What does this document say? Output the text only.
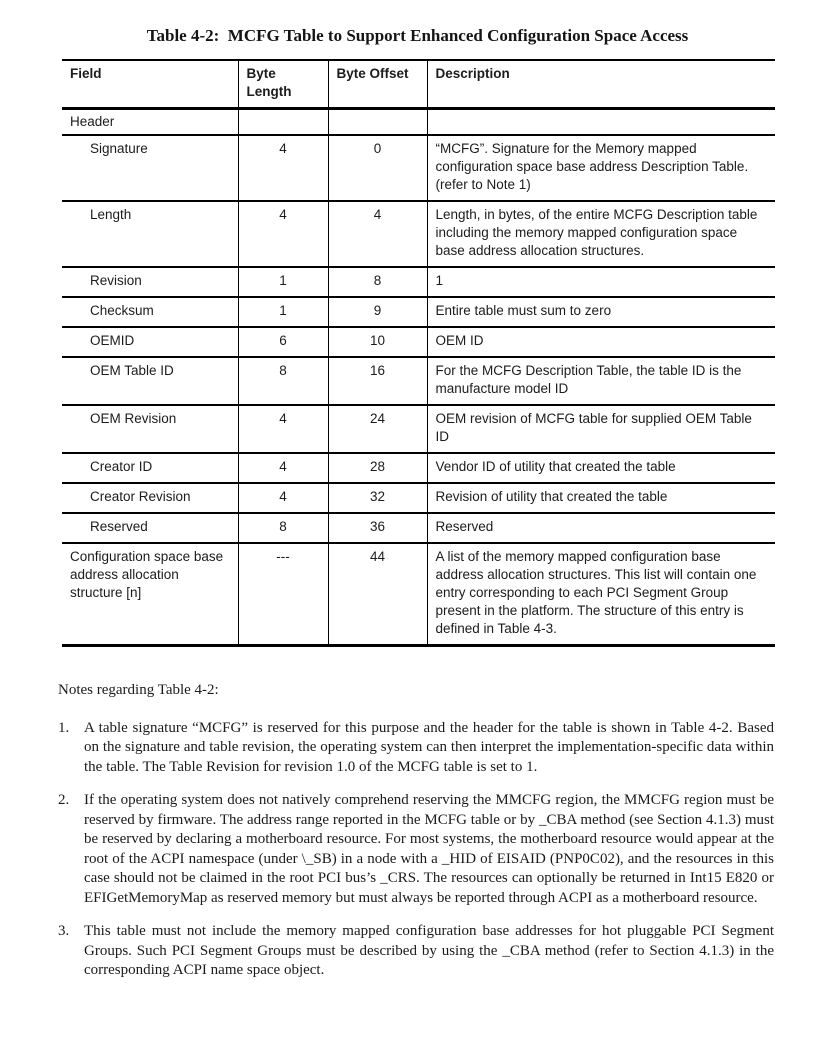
Table 4-2:  MCFG Table to Support Enhanced Configuration Space Access
Field	Byte Length	Byte Offset	Description
Header			
Signature	4	0	“MCFG”. Signature for the Memory mapped configuration space base address Description Table. (refer to Note 1)
Length	4	4	Length, in bytes, of the entire MCFG Description table including the memory mapped configuration space base address allocation structures.
Revision	1	8	1
Checksum	1	9	Entire table must sum to zero
OEMID	6	10	OEM ID
OEM Table ID	8	16	For the MCFG Description Table, the table ID is the manufacture model ID
OEM Revision	4	24	OEM revision of MCFG table for supplied OEM Table ID
Creator ID	4	28	Vendor ID of utility that created the table
Creator Revision	4	32	Revision of utility that created the table
Reserved	8	36	Reserved
Configuration space base address allocation structure [n]	---	44	A list of the memory mapped configuration base address allocation structures. This list will contain one entry corresponding to each PCI Segment Group present in the platform. The structure of this entry is defined in Table 4-3.
Notes regarding Table 4-2:
1. A table signature “MCFG” is reserved for this purpose and the header for the table is shown in Table 4-2. Based on the signature and table revision, the operating system can then interpret the implementation-specific data within the table. The Table Revision for revision 1.0 of the MCFG table is set to 1.
2. If the operating system does not natively comprehend reserving the MMCFG region, the MMCFG region must be reserved by firmware. The address range reported in the MCFG table or by _CBA method (see Section 4.1.3) must be reserved by declaring a motherboard resource. For most systems, the motherboard resource would appear at the root of the ACPI namespace (under \_SB) in a node with a _HID of EISAID (PNP0C02), and the resources in this case should not be claimed in the root PCI bus’s _CRS. The resources can optionally be returned in Int15 E820 or EFIGetMemoryMap as reserved memory but must always be reported through ACPI as a motherboard resource.
3. This table must not include the memory mapped configuration base addresses for hot pluggable PCI Segment Groups. Such PCI Segment Groups must be described by using the _CBA method (refer to Section 4.1.3) in the corresponding ACPI name space object.
